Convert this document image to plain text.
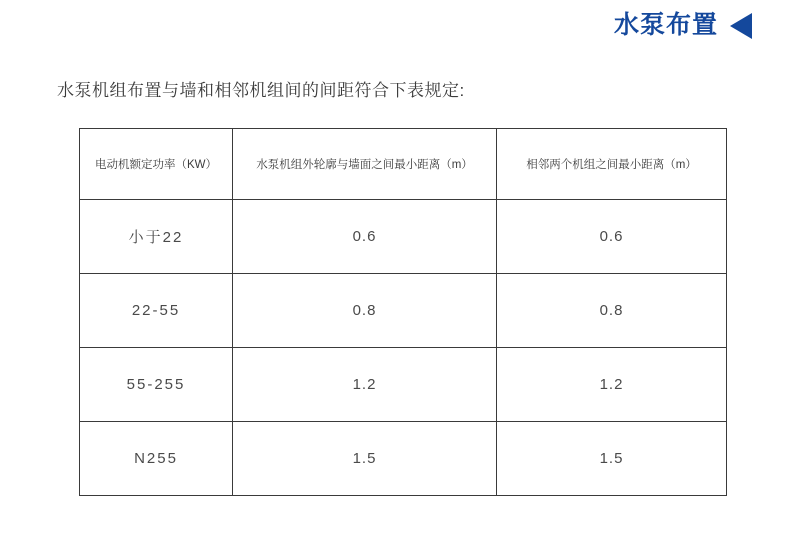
水泵布置
水泵机组布置与墙和相邻机组间的间距符合下表规定:
电动机额定功率（KW）	水泵机组外轮廓与墙面之间最小距离（m）	相邻两个机组之间最小距离（m）
小于22	0.6	0.6
22-55	0.8	0.8
55-255	1.2	1.2
N255	1.5	1.5
